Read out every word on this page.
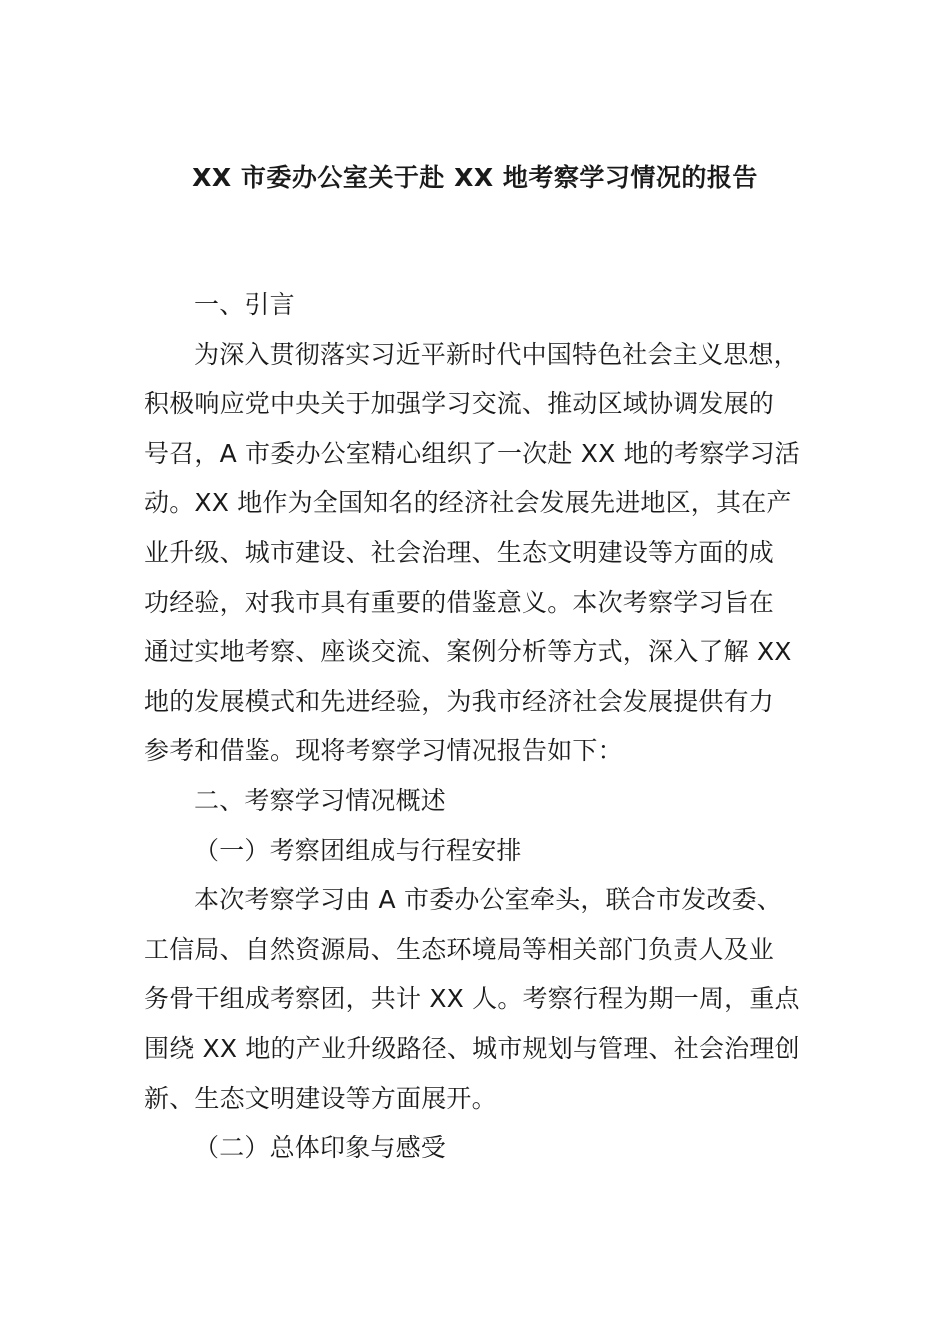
XX 市委办公室关于赴 XX 地考察学习情况的报告
一、引言
为深入贯彻落实习近平新时代中国特色社会主义思想，
积极响应党中央关于加强学习交流、推动区域协调发展的
号召，A 市委办公室精心组织了一次赴 XX 地的考察学习活
动。XX 地作为全国知名的经济社会发展先进地区，其在产
业升级、城市建设、社会治理、生态文明建设等方面的成
功经验，对我市具有重要的借鉴意义。本次考察学习旨在
通过实地考察、座谈交流、案例分析等方式，深入了解 XX
地的发展模式和先进经验，为我市经济社会发展提供有力
参考和借鉴。现将考察学习情况报告如下：
二、考察学习情况概述
（一）考察团组成与行程安排
本次考察学习由 A 市委办公室牵头，联合市发改委、
工信局、自然资源局、生态环境局等相关部门负责人及业
务骨干组成考察团，共计 XX 人。考察行程为期一周，重点
围绕 XX 地的产业升级路径、城市规划与管理、社会治理创
新、生态文明建设等方面展开。
（二）总体印象与感受
